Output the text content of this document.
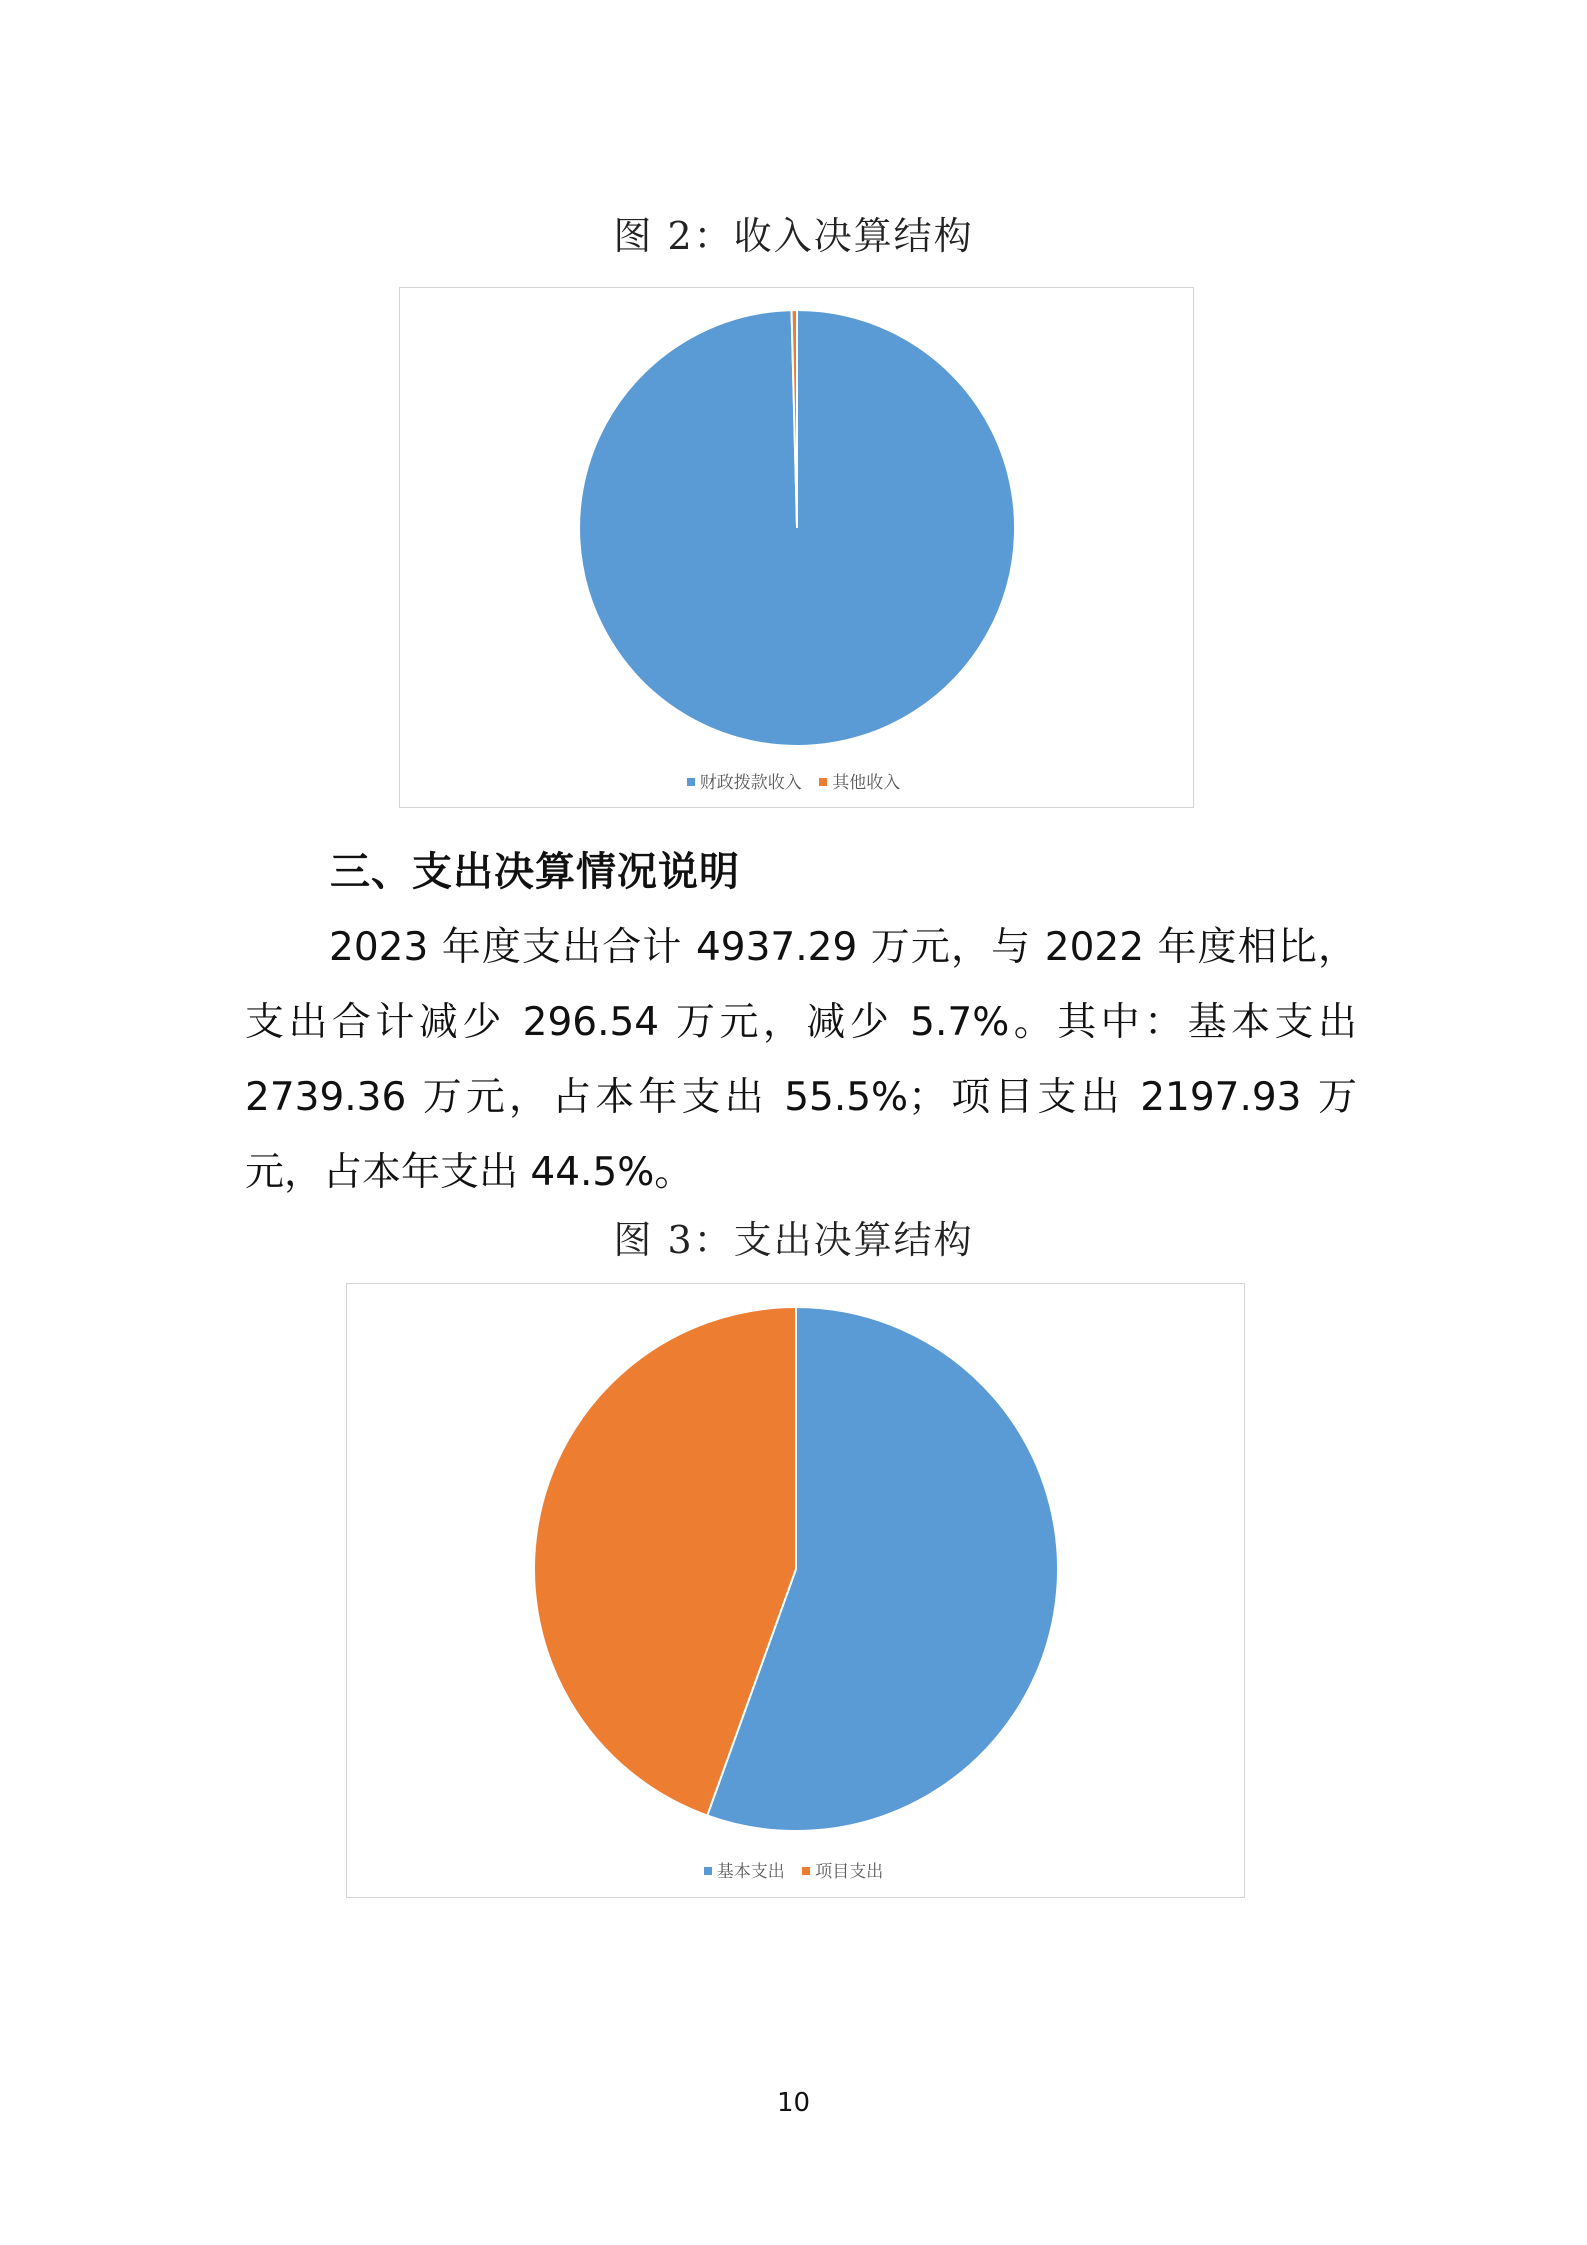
图 2：收入决算结构
财政拨款收入 其他收入
三、支出决算情况说明
2023 年度支出合计 4937.29 万元，与 2022 年度相比，支出合计减少 296.54 万元，减少 5.7%。其中：基本支出 2739.36 万元，占本年支出 55.5%；项目支出 2197.93 万元，占本年支出 44.5%。
图 3：支出决算结构
基本支出 项目支出
10
